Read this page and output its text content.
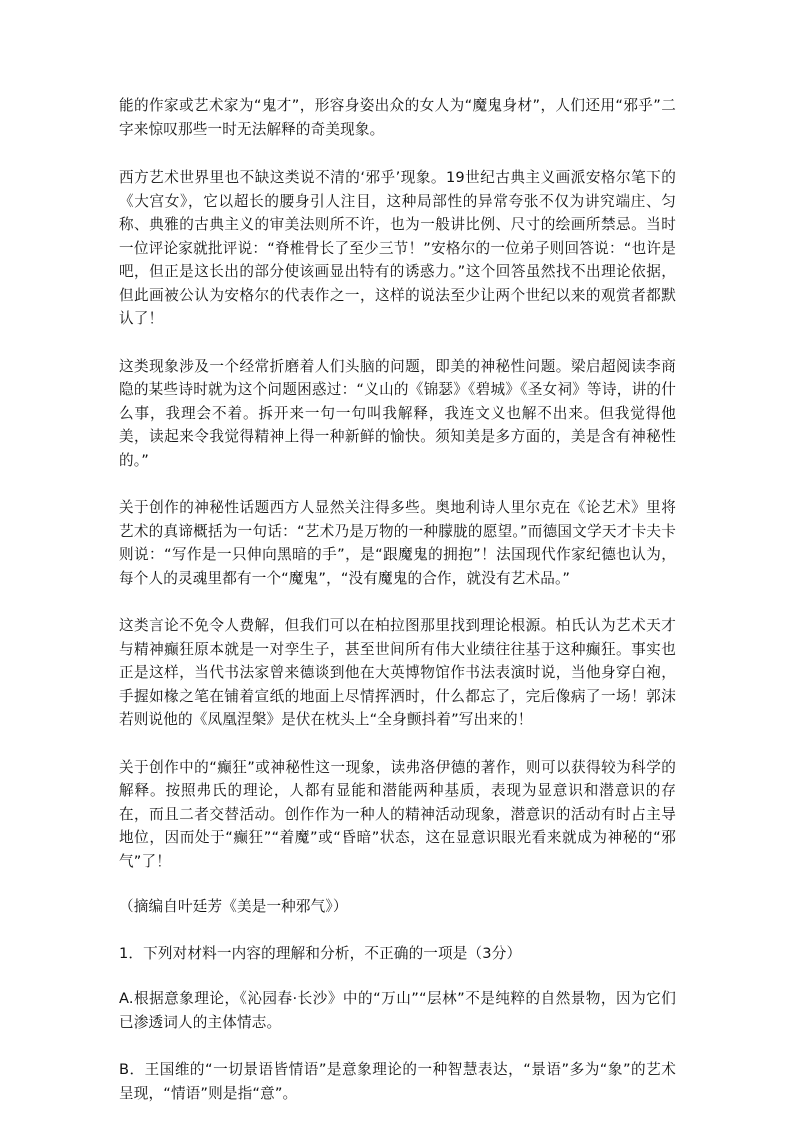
能的作家或艺术家为“鬼才”，形容身姿出众的女人为“魔鬼身材”，人们还用“邪乎”二字来惊叹那些一时无法解释的奇美现象。

西方艺术世界里也不缺这类说不清的‘邪乎’现象。19世纪古典主义画派安格尔笔下的《大宫女》，它以超长的腰身引人注目，这种局部性的异常夸张不仅为讲究端庄、匀称、典雅的古典主义的审美法则所不许，也为一般讲比例、尺寸的绘画所禁忌。当时一位评论家就批评说：“脊椎骨长了至少三节！”安格尔的一位弟子则回答说：“也许是吧，但正是这长出的部分使该画显出特有的诱惑力。”这个回答虽然找不出理论依据，但此画被公认为安格尔的代表作之一，这样的说法至少让两个世纪以来的观赏者都默认了！

这类现象涉及一个经常折磨着人们头脑的问题，即美的神秘性问题。梁启超阅读李商隐的某些诗时就为这个问题困惑过：“义山的《锦瑟》《碧城》《圣女祠》等诗，讲的什么事，我理会不着。拆开来一句一句叫我解释，我连文义也解不出来。但我觉得他美，读起来令我觉得精神上得一种新鲜的愉快。须知美是多方面的，美是含有神秘性的。”

关于创作的神秘性话题西方人显然关注得多些。奥地利诗人里尔克在《论艺术》里将艺术的真谛概括为一句话：“艺术乃是万物的一种朦胧的愿望。”而德国文学天才卡夫卡则说：“写作是一只伸向黑暗的手”，是“跟魔鬼的拥抱”！法国现代作家纪德也认为，每个人的灵魂里都有一个“魔鬼”，“没有魔鬼的合作，就没有艺术品。”

这类言论不免令人费解，但我们可以在柏拉图那里找到理论根源。柏氏认为艺术天才与精神癫狂原本就是一对孪生子，甚至世间所有伟大业绩往往基于这种癫狂。事实也正是这样，当代书法家曾来德谈到他在大英博物馆作书法表演时说，当他身穿白袍，手握如椽之笔在铺着宣纸的地面上尽情挥洒时，什么都忘了，完后像病了一场！郭沫若则说他的《凤凰涅槃》是伏在枕头上“全身颤抖着”写出来的！

关于创作中的“癫狂”或神秘性这一现象，读弗洛伊德的著作，则可以获得较为科学的解释。按照弗氏的理论，人都有显能和潜能两种基质，表现为显意识和潜意识的存在，而且二者交替活动。创作作为一种人的精神活动现象，潜意识的活动有时占主导地位，因而处于“癫狂”“着魔”或“昏暗”状态，这在显意识眼光看来就成为神秘的“邪气”了！

（摘编自叶廷芳《美是一种邪气》）

1．下列对材料一内容的理解和分析，不正确的一项是（3分）

A.根据意象理论，《沁园春·长沙》中的“万山”“层林”不是纯粹的自然景物，因为它们已渗透词人的主体情志。

B．王国维的“一切景语皆情语”是意象理论的一种智慧表达，“景语”多为“象”的艺术呈现，“情语”则是指“意”。
